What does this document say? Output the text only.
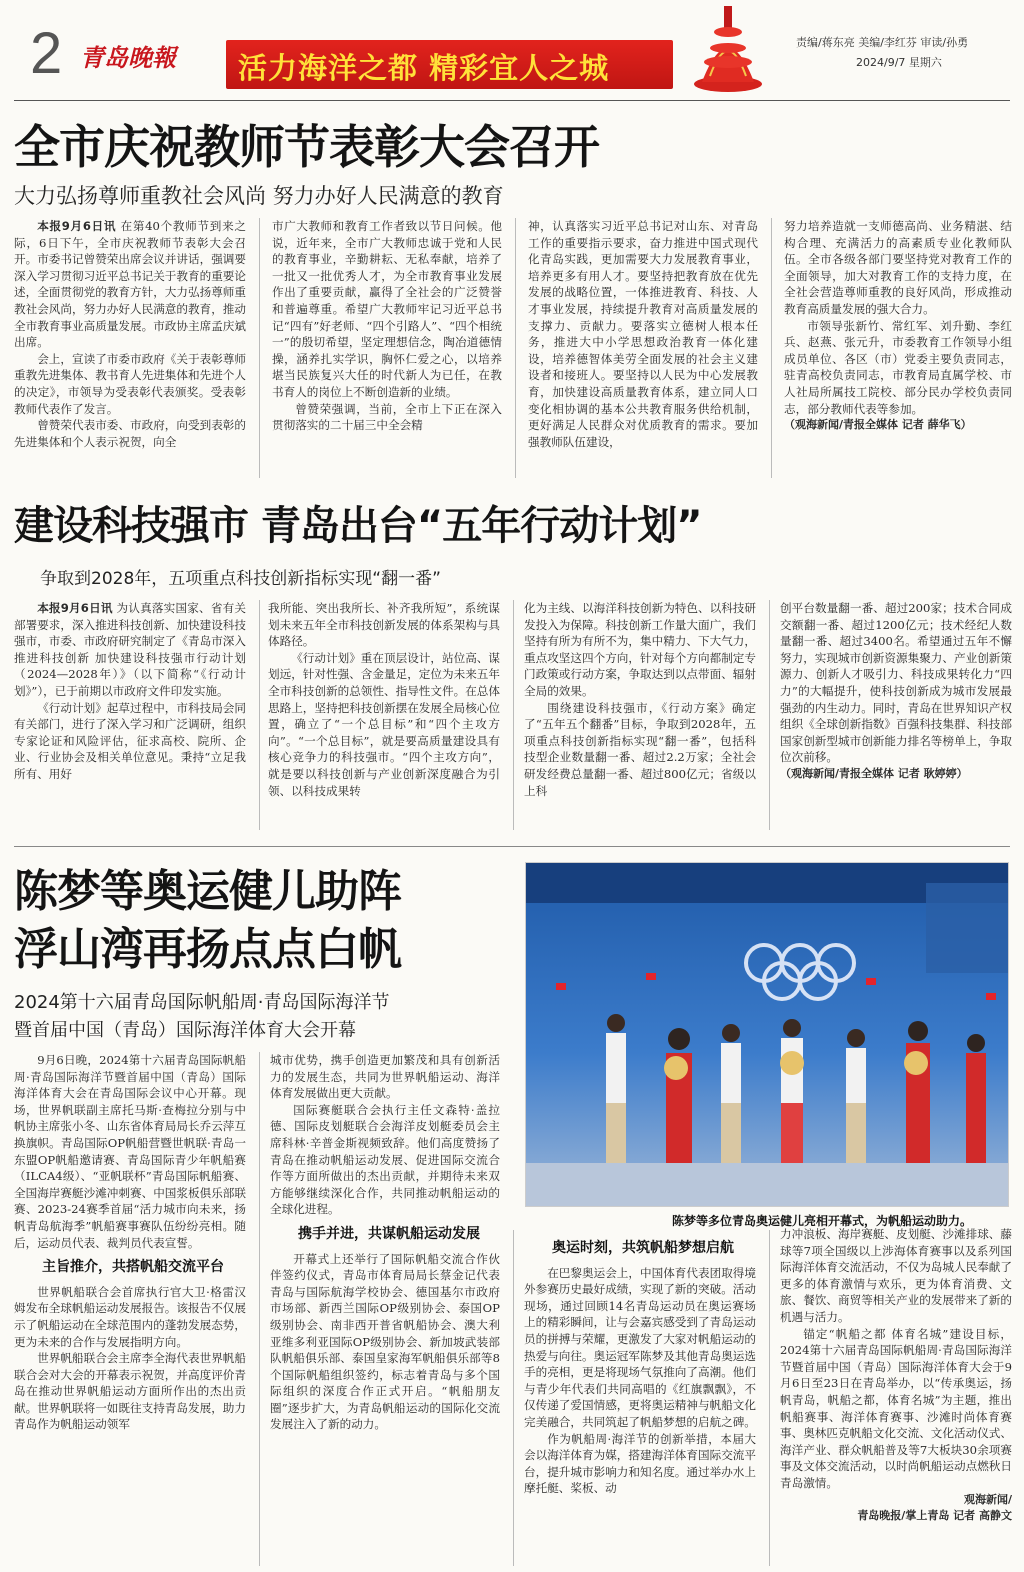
2 青岛晚報 活力海洋之都 精彩宜人之城
责编/蒋东亮 美编/李红芬 审读/孙勇
2024/9/7 星期六
全市庆祝教师节表彰大会召开
大力弘扬尊师重教社会风尚 努力办好人民满意的教育

本报9月6日讯 在第40个教师节到来之际，6日下午，全市庆祝教师节表彰大会召开。市委书记曾赞荣出席会议并讲话，强调要深入学习贯彻习近平总书记关于教育的重要论述，全面贯彻党的教育方针，大力弘扬尊师重教社会风尚，努力办好人民满意的教育，推动全市教育事业高质量发展。市政协主席孟庆斌出席。

会上，宣读了市委市政府《关于表彰尊师重教先进集体、教书育人先进集体和先进个人的决定》，市领导为受表彰代表颁奖。受表彰教师代表作了发言。

曾赞荣代表市委、市政府，向受到表彰的先进集体和个人表示祝贺，向全

市广大教师和教育工作者致以节日问候。他说，近年来，全市广大教师忠诚于党和人民的教育事业，辛勤耕耘、无私奉献，培养了一批又一批优秀人才，为全市教育事业发展作出了重要贡献，赢得了全社会的广泛赞誉和普遍尊重。希望广大教师牢记习近平总书记“四有”好老师、“四个引路人”、“四个相统一”的殷切希望，坚定理想信念，陶冶道德情操，涵养扎实学识，胸怀仁爱之心，以培养堪当民族复兴大任的时代新人为已任，在教书育人的岗位上不断创造新的业绩。

曾赞荣强调，当前，全市上下正在深入贯彻落实的二十届三中全会精

神，认真落实习近平总书记对山东、对青岛工作的重要指示要求，奋力推进中国式现代化青岛实践，更加需要大力发展教育事业，培养更多有用人才。要坚持把教育放在优先发展的战略位置，一体推进教育、科技、人才事业发展，持续提升教育对高质量发展的支撑力、贡献力。要落实立德树人根本任务，推进大中小学思想政治教育一体化建设，培养德智体美劳全面发展的社会主义建设者和接班人。要坚持以人民为中心发展教育，加快建设高质量教育体系，建立同人口变化相协调的基本公共教育服务供给机制，更好满足人民群众对优质教育的需求。要加强教师队伍建设，

努力培养造就一支师德高尚、业务精湛、结构合理、充满活力的高素质专业化教师队伍。全市各级各部门要坚持党对教育工作的全面领导，加大对教育工作的支持力度，在全社会营造尊师重教的良好风尚，形成推动教育高质量发展的强大合力。

市领导张新竹、常红军、刘升勤、李红兵、赵燕、张元升，市委教育工作领导小组成员单位、各区（市）党委主要负责同志，驻青高校负责同志，市教育局直属学校、市人社局所属技工院校、部分民办学校负责同志，部分教师代表等参加。

（观海新闻/青报全媒体 记者 薛华飞）

建设科技强市 青岛出台“五年行动计划”
争取到2028年，五项重点科技创新指标实现“翻一番”

本报9月6日讯 为认真落实国家、省有关部署要求，深入推进科技创新、加快建设科技强市，市委、市政府研究制定了《青岛市深入推进科技创新 加快建设科技强市行动计划（2024—2028年）》（以下简称“《行动计划》”），已于前期以市政府文件印发实施。

《行动计划》起草过程中，市科技局会同有关部门，进行了深入学习和广泛调研，组织专家论证和风险评估，征求高校、院所、企业、行业协会及相关单位意见。秉持“立足我所有、用好

我所能、突出我所长、补齐我所短”，系统谋划未来五年全市科技创新发展的体系架构与具体路径。

《行动计划》重在顶层设计，站位高、谋划远，针对性强、含金量足，定位为未来五年全市科技创新的总领性、指导性文件。在总体思路上，坚持把科技创新摆在发展全局核心位置，确立了“一个总目标”和“四个主攻方向”。“一个总目标”，就是要高质量建设具有核心竞争力的科技强市。“四个主攻方向”，就是要以科技创新与产业创新深度融合为引领、以科技成果转

化为主线、以海洋科技创新为特色、以科技研发投入为保障。科技创新工作量大面广，我们坚持有所为有所不为，集中精力、下大气力，重点攻坚这四个方向，针对每个方向都制定专门政策或行动方案，争取达到以点带面、辐射全局的效果。

围绕建设科技强市，《行动方案》确定了“五年五个翻番”目标，争取到2028年，五项重点科技创新指标实现“翻一番”，包括科技型企业数量翻一番、超过2.2万家；全社会研发经费总量翻一番、超过800亿元；省级以上科

创平台数量翻一番、超过200家；技术合同成交额翻一番、超过1200亿元；技术经纪人数量翻一番、超过3400名。希望通过五年不懈努力，实现城市创新资源集聚力、产业创新策源力、创新人才吸引力、科技成果转化力“四力”的大幅提升，使科技创新成为城市发展最强劲的内生动力。同时，青岛在世界知识产权组织《全球创新指数》百强科技集群、科技部国家创新型城市创新能力排名等榜单上，争取位次前移。

（观海新闻/青报全媒体 记者 耿婷婷）

陈梦等奥运健儿助阵
浮山湾再扬点点白帆
2024第十六届青岛国际帆船周·青岛国际海洋节
暨首届中国（青岛）国际海洋体育大会开幕
陈梦等多位青岛奥运健儿亮相开幕式，为帆船运动助力。

9月6日晚，2024第十六届青岛国际帆船周·青岛国际海洋节暨首届中国（青岛）国际海洋体育大会在青岛国际会议中心开幕。现场，世界帆联副主席托马斯·查梅拉分别与中帆协主席张小冬、山东省体育局局长乔云萍互换旗帜。青岛国际OP帆船营暨世帆联·青岛一东盟OP帆船邀请赛、青岛国际青少年帆船赛（ILCA4级）、“亚帆联杯”青岛国际帆船赛、全国海岸赛艇沙滩冲刺赛、中国浆板俱乐部联赛、2023-24赛季首届“活力城市向未来，扬帆青岛航海季”帆船赛事赛队伍纷纷亮相。随后，运动员代表、裁判员代表宣誓。

主旨推介，共搭帆船交流平台

世界帆船联合会首席执行官大卫·格雷汉姆发布全球帆船运动发展报告。该报告不仅展示了帆船运动在全球范围内的蓬勃发展态势，更为未来的合作与发展指明方向。

世界帆船联合会主席李全海代表世界帆船联合会对大会的开幕表示祝贺，并高度评价青岛在推动世界帆船运动方面所作出的杰出贡献。世界帆联将一如既往支持青岛发展，助力青岛作为帆船运动领军

城市优势，携手创造更加繁茂和具有创新活力的发展生态，共同为世界帆船运动、海洋体育发展做出更大贡献。

国际赛艇联合会执行主任文森特·盖拉德、国际皮划艇联合会海洋皮划艇委员会主席科林·辛普金斯视频致辞。他们高度赞扬了青岛在推动帆船运动发展、促进国际交流合作等方面所做出的杰出贡献，并期待未来双方能够继续深化合作，共同推动帆船运动的全球化进程。

携手并进，共谋帆船运动发展

开幕式上还举行了国际帆船交流合作伙伴签约仪式，青岛市体育局局长蔡金记代表青岛与国际航海学校协会、德国基尔市政府市场部、新西兰国际OP级别协会、泰国OP级别协会、南非西开普省帆船协会、澳大利亚维多利亚国际OP级别协会、新加坡武装部队帆船俱乐部、泰国皇家海军帆船俱乐部等8个国际帆船组织签约，标志着青岛与多个国际组织的深度合作正式开启。“帆船朋友圈”逐步扩大，为青岛帆船运动的国际化交流发展注入了新的动力。

奥运时刻，共筑帆船梦想启航

在巴黎奥运会上，中国体育代表团取得境外参赛历史最好成绩，实现了新的突破。活动现场，通过回顾14名青岛运动员在奥运赛场上的精彩瞬间，让与会嘉宾感受到了青岛运动员的拼搏与荣耀，更激发了大家对帆船运动的热爱与向往。奥运冠军陈梦及其他青岛奥运选手的亮相，更是将现场气氛推向了高潮。他们与青少年代表们共同高唱的《红旗飘飘》，不仅传递了爱国情感，更将奥运精神与帆船文化完美融合，共同筑起了帆船梦想的启航之碑。

作为帆船周·海洋节的创新举措，本届大会以海洋体育为媒，搭建海洋体育国际交流平台，提升城市影响力和知名度。通过举办水上摩托艇、桨板、动

力冲浪板、海岸赛艇、皮划艇、沙滩排球、藤球等7项全国级以上涉海体育赛事以及系列国际海洋体育交流活动，不仅为岛城人民奉献了更多的体育激情与欢乐，更为体育消费、文旅、餐饮、商贸等相关产业的发展带来了新的机遇与活力。

锚定“帆船之都 体育名城”建设目标，2024第十六届青岛国际帆船周·青岛国际海洋节暨首届中国（青岛）国际海洋体育大会于9月6日至23日在青岛举办，以“传承奥运，扬帆青岛，帆船之都，体育名城”为主题，推出帆船赛事、海洋体育赛事、沙滩时尚体育赛事、奥林匹克帆船文化交流、文化活动仪式、海洋产业、群众帆船普及等7大板块30余项赛事及文体交流活动，以时尚帆船运动点燃秋日青岛激情。

观海新闻/

青岛晚报/掌上青岛 记者 高静文
